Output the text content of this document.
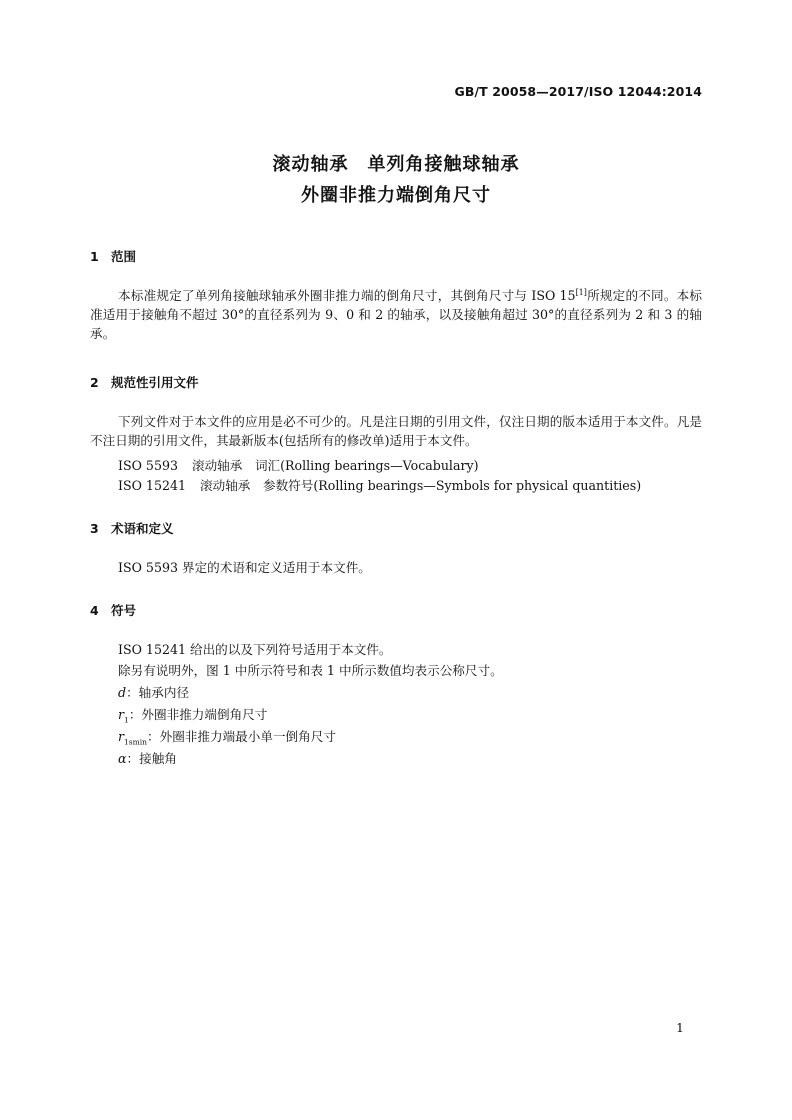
GB/T 20058—2017/ISO 12044:2014
滚动轴承　单列角接触球轴承
外圈非推力端倒角尺寸
1 范围
本标准规定了单列角接触球轴承外圈非推力端的倒角尺寸，其倒角尺寸与 ISO 15[1]所规定的不同。本标准适用于接触角不超过 30°的直径系列为 9、0 和 2 的轴承，以及接触角超过 30°的直径系列为 2 和 3 的轴承。
2 规范性引用文件
下列文件对于本文件的应用是必不可少的。凡是注日期的引用文件，仅注日期的版本适用于本文件。凡是不注日期的引用文件，其最新版本(包括所有的修改单)适用于本文件。
ISO 5593 滚动轴承　词汇(Rolling bearings—Vocabulary)
ISO 15241 滚动轴承　参数符号(Rolling bearings—Symbols for physical quantities)
3 术语和定义
ISO 5593 界定的术语和定义适用于本文件。
4 符号
ISO 15241 给出的以及下列符号适用于本文件。
除另有说明外，图 1 中所示符号和表 1 中所示数值均表示公称尺寸。
d：轴承内径
$r_1$：外圈非推力端倒角尺寸
$r_{1smin}$：外圈非推力端最小单一倒角尺寸
α：接触角
1
